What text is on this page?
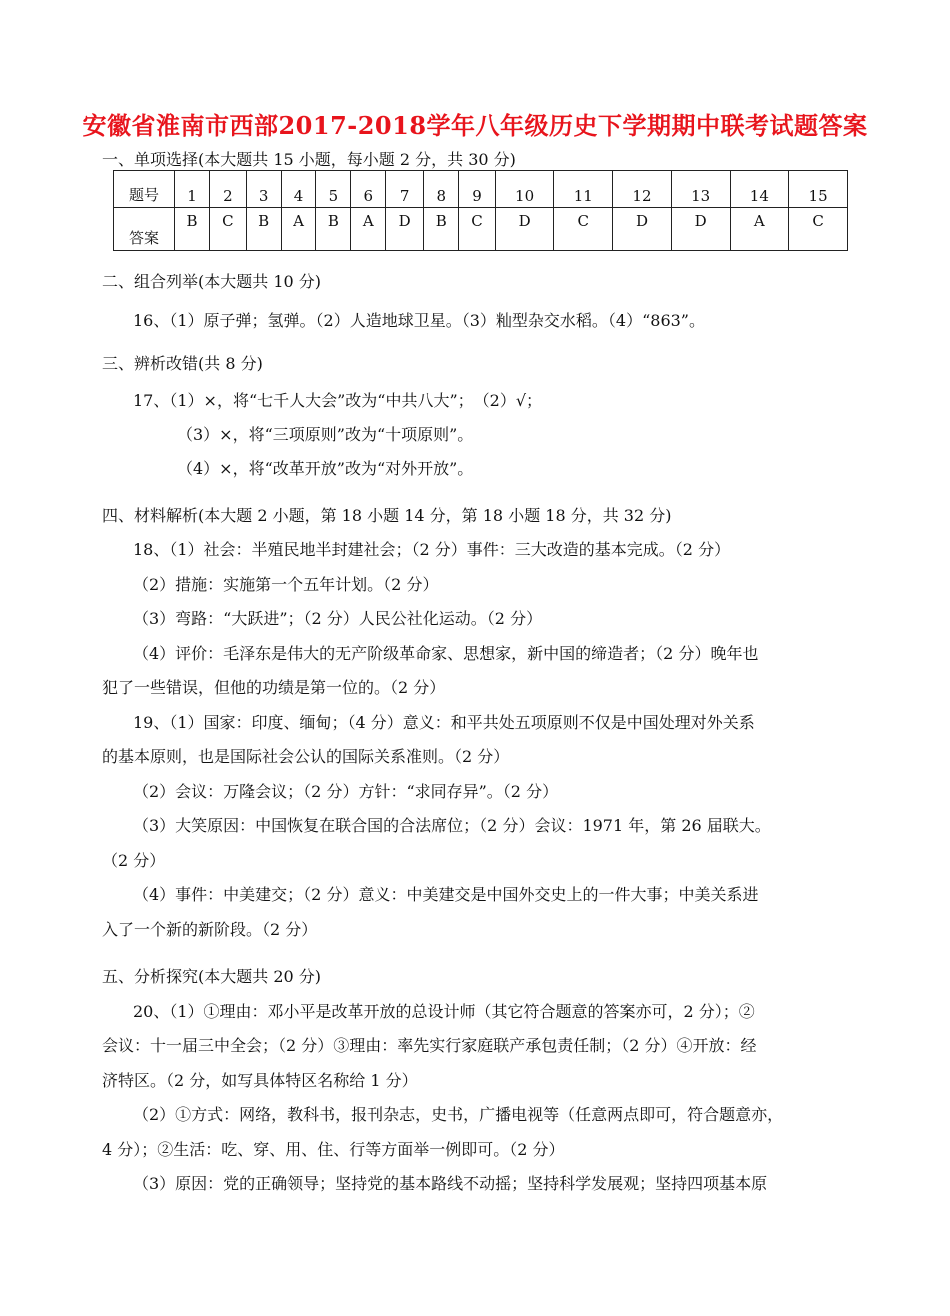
安徽省淮南市西部2017-2018学年八年级历史下学期期中联考试题答案
一、单项选择(本大题共 15 小题，每小题 2 分，共 30 分)
题号	1	2	3	4	5	6	7	8	9	10	11	12	13	14	15
答案	B	C	B	A	B	A	D	B	C	D	C	D	D	A	C
二、组合列举(本大题共 10 分)
16、（1）原子弹；氢弹。（2）人造地球卫星。（3）籼型杂交水稻。（4）“863”。
三、辨析改错(共 8 分)
17、（1）×，将“七千人大会”改为“中共八大”；　（2）√；
（3）×，将“三项原则”改为“十项原则”。
（4）×，将“改革开放”改为“对外开放”。
四、材料解析(本大题 2 小题，第 18 小题 14 分，第 18 小题 18 分，共 32 分)
18、（1）社会：半殖民地半封建社会；（2 分）事件：三大改造的基本完成。（2 分）
（2）措施：实施第一个五年计划。（2 分）
（3）弯路：“大跃进”；（2 分）人民公社化运动。（2 分）
（4）评价：毛泽东是伟大的无产阶级革命家、思想家，新中国的缔造者；（2 分）晚年也
犯了一些错误，但他的功绩是第一位的。（2 分）
19、（1）国家：印度、缅甸；（4 分）意义：和平共处五项原则不仅是中国处理对外关系
的基本原则，也是国际社会公认的国际关系准则。（2 分）
（2）会议：万隆会议；（2 分）方针：“求同存异”。（2 分）
（3）大笑原因：中国恢复在联合国的合法席位；（2 分）会议：1971 年，第 26 届联大。
（2 分）
（4）事件：中美建交；（2 分）意义：中美建交是中国外交史上的一件大事；中美关系进
入了一个新的新阶段。（2 分）
五、分析探究(本大题共 20 分)
20、（1）①理由：邓小平是改革开放的总设计师（其它符合题意的答案亦可，2 分）；②
会议：十一届三中全会；（2 分）③理由：率先实行家庭联产承包责任制；（2 分）④开放：经
济特区。（2 分，如写具体特区名称给 1 分）
（2）①方式：网络，教科书，报刊杂志，史书，广播电视等（任意两点即可，符合题意亦，
4 分）；②生活：吃、穿、用、住、行等方面举一例即可。（2 分）
（3）原因：党的正确领导；坚持党的基本路线不动摇；坚持科学发展观；坚持四项基本原
